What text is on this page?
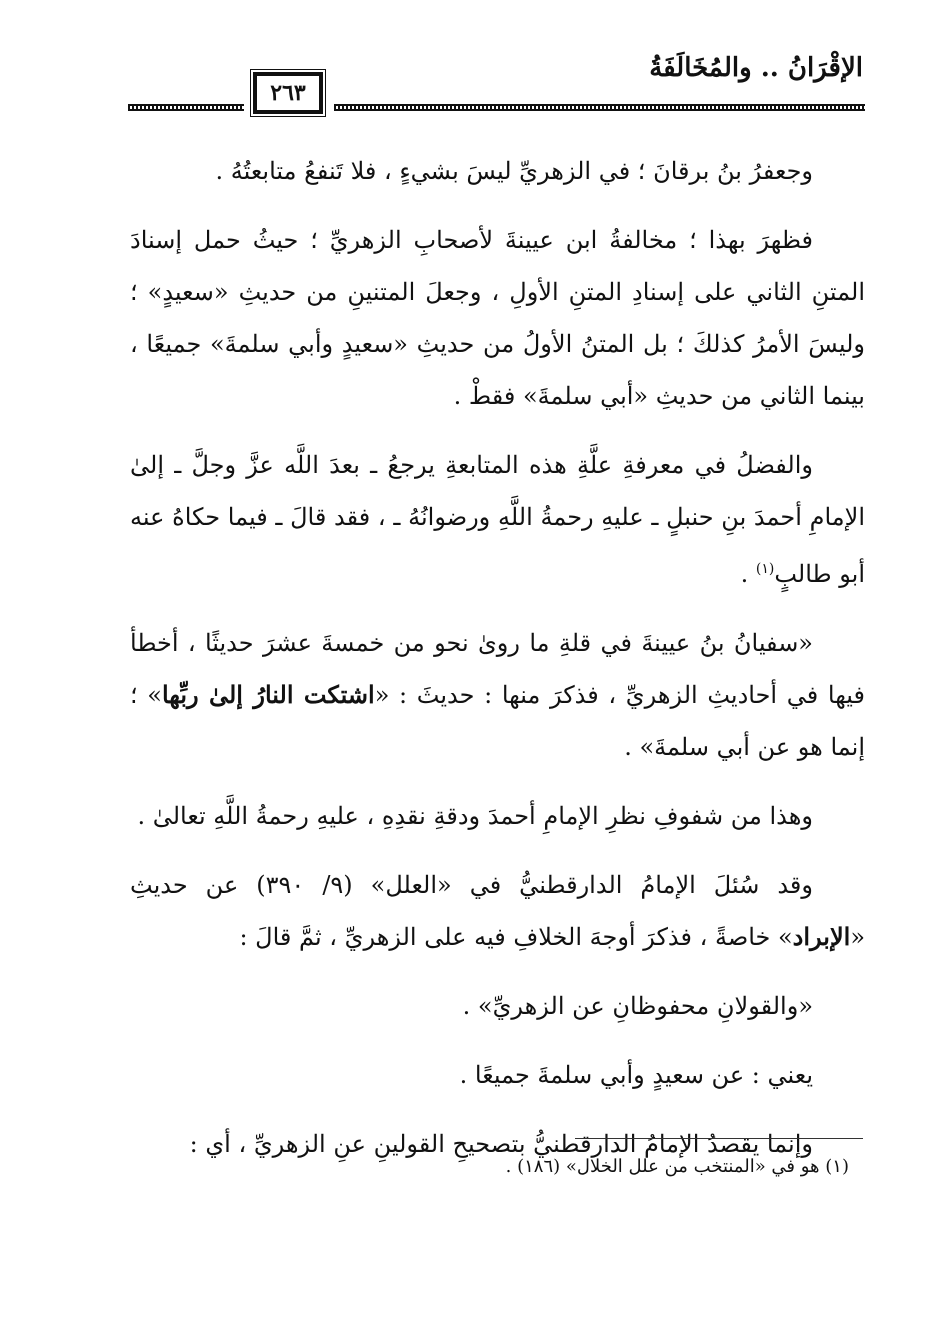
الإقْرَانُ .. والمُخَالَفَةُ
٢٦٣

وجعفرُ بنُ برقانَ ؛ في الزهريِّ ليسَ بشيءٍ ، فلا تَنفعُ متابعتُهُ .

فظهرَ بهذا ؛ مخالفةُ ابن عيينةَ لأصحابِ الزهريِّ ؛ حيثُ حمل إسنادَ المتنِ الثاني على إسنادِ المتنِ الأولِ ، وجعلَ المتنينِ من حديثِ «سعيدٍ» ؛ وليسَ الأمرُ كذلكَ ؛ بل المتنُ الأولُ من حديثِ «سعيدٍ وأبي سلمةَ» جميعًا ، بينما الثاني من حديثِ «أبي سلمةَ» فقطْ .

والفضلُ في معرفةِ علَّةِ هذه المتابعةِ يرجعُ ـ بعدَ اللَّه عزَّ وجلَّ ـ إلىٰ الإمامِ أحمدَ بنِ حنبلٍ ـ عليهِ رحمةُ اللَّهِ ورضوانُهُ ـ ، فقد قالَ ـ فيما حكاهُ عنه أبو طالبٍ$^{(١)}$ .

«سفيانُ بنُ عيينةَ في قلةِ ما روىٰ نحو من خمسةَ عشرَ حديثًا ، أخطأ فيها في أحاديثِ الزهريِّ ، فذكرَ منها : حديثَ : «اشتكت النارُ إلىٰ ربِّها» ؛ إنما هو عن أبي سلمةَ» .

وهذا من شفوفِ نظرِ الإمامِ أحمدَ ودقةِ نقدِهِ ، عليهِ رحمةُ اللَّهِ تعالىٰ .

وقد سُئلَ الإمامُ الدارقطنيُّ في «العلل» (٩/ ٣٩٠) عن حديثِ «الإبراد» خاصةً ، فذكرَ أوجهَ الخلافِ فيه على الزهريِّ ، ثمَّ قالَ :

«والقولانِ محفوظانِ عن الزهريِّ» .

يعني : عن سعيدٍ وأبي سلمةَ جميعًا .

وإنما يقصدُ الإمامُ الدارقطنيُّ بتصحيحِ القولينِ عنِ الزهريِّ ، أي :

(١) هو في «المنتخب من علل الخلال» (١٨٦) .
